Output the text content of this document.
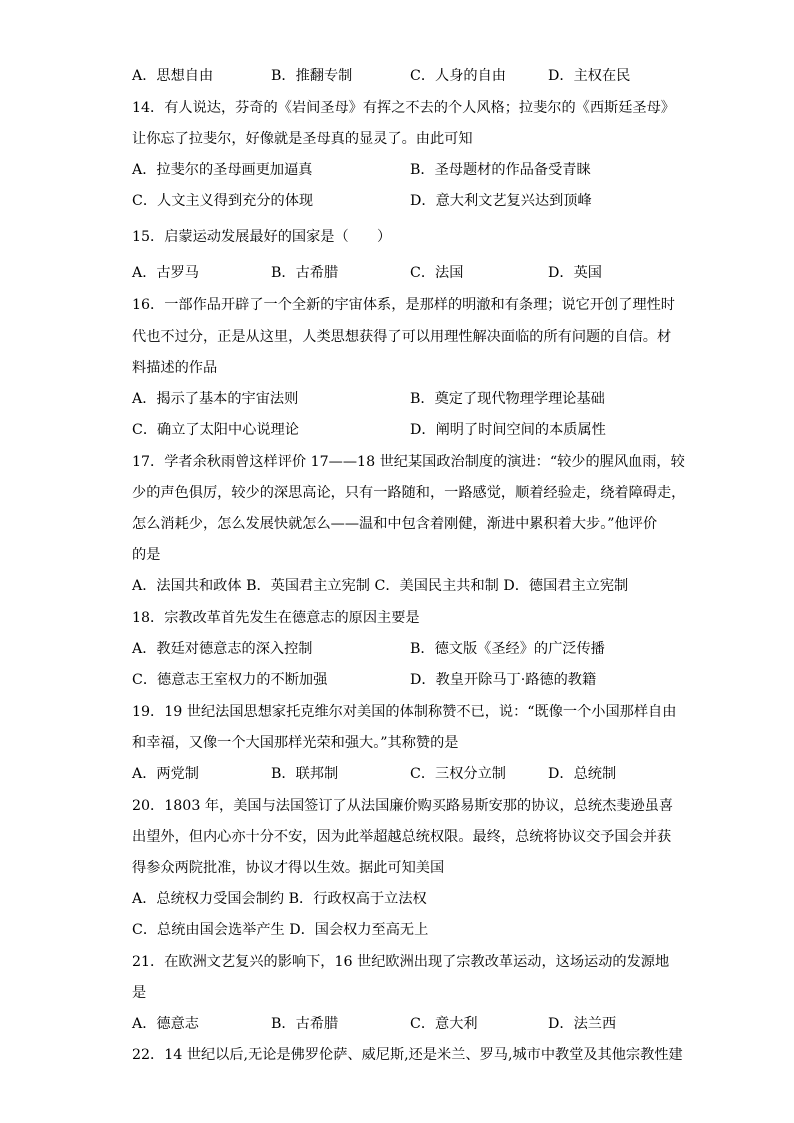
A．思想自由	B．推翻专制	C．人身的自由	D．主权在民
14．有人说达，芬奇的《岩间圣母》有挥之不去的个人风格；拉斐尔的《西斯廷圣母》
让你忘了拉斐尔，好像就是圣母真的显灵了。由此可知
A．拉斐尔的圣母画更加逼真	B．圣母题材的作品备受青睐
C．人文主义得到充分的体现	D．意大利文艺复兴达到顶峰
15．启蒙运动发展最好的国家是（　　）
A．古罗马	B．古希腊	C．法国	D．英国
16．一部作品开辟了一个全新的宇宙体系，是那样的明澈和有条理；说它开创了理性时
代也不过分，正是从这里，人类思想获得了可以用理性解决面临的所有问题的自信。材
料描述的作品
A．揭示了基本的宇宙法则	B．奠定了现代物理学理论基础
C．确立了太阳中心说理论	D．阐明了时间空间的本质属性
17．学者余秋雨曾这样评价 17——18 世纪某国政治制度的演进：“较少的腥风血雨，较
少的声色俱厉，较少的深思高论，只有一路随和，一路感觉，顺着经验走，绕着障碍走，
怎么消耗少，怎么发展快就怎么——温和中包含着刚健，渐进中累积着大步。”他评价
的是
A．法国共和政体 B．英国君主立宪制 C．美国民主共和制 D．德国君主立宪制
18．宗教改革首先发生在德意志的原因主要是
A．教廷对德意志的深入控制	B．德文版《圣经》的广泛传播
C．德意志王室权力的不断加强	D．教皇开除马丁·路德的教籍
19．19 世纪法国思想家托克维尔对美国的体制称赞不已，说：“既像一个小国那样自由
和幸福，又像一个大国那样光荣和强大。”其称赞的是
A．两党制	B．联邦制	C．三权分立制	D．总统制
20．1803 年，美国与法国签订了从法国廉价购买路易斯安那的协议，总统杰斐逊虽喜
出望外，但内心亦十分不安，因为此举超越总统权限。最终，总统将协议交予国会并获
得参众两院批准，协议才得以生效。据此可知美国
A．总统权力受国会制约 B．行政权高于立法权
C．总统由国会选举产生 D．国会权力至高无上
21．在欧洲文艺复兴的影响下，16 世纪欧洲出现了宗教改革运动，这场运动的发源地
是
A．德意志	B．古希腊	C．意大利	D．法兰西
22．14 世纪以后,无论是佛罗伦萨、威尼斯,还是米兰、罗马,城市中教堂及其他宗教性建
